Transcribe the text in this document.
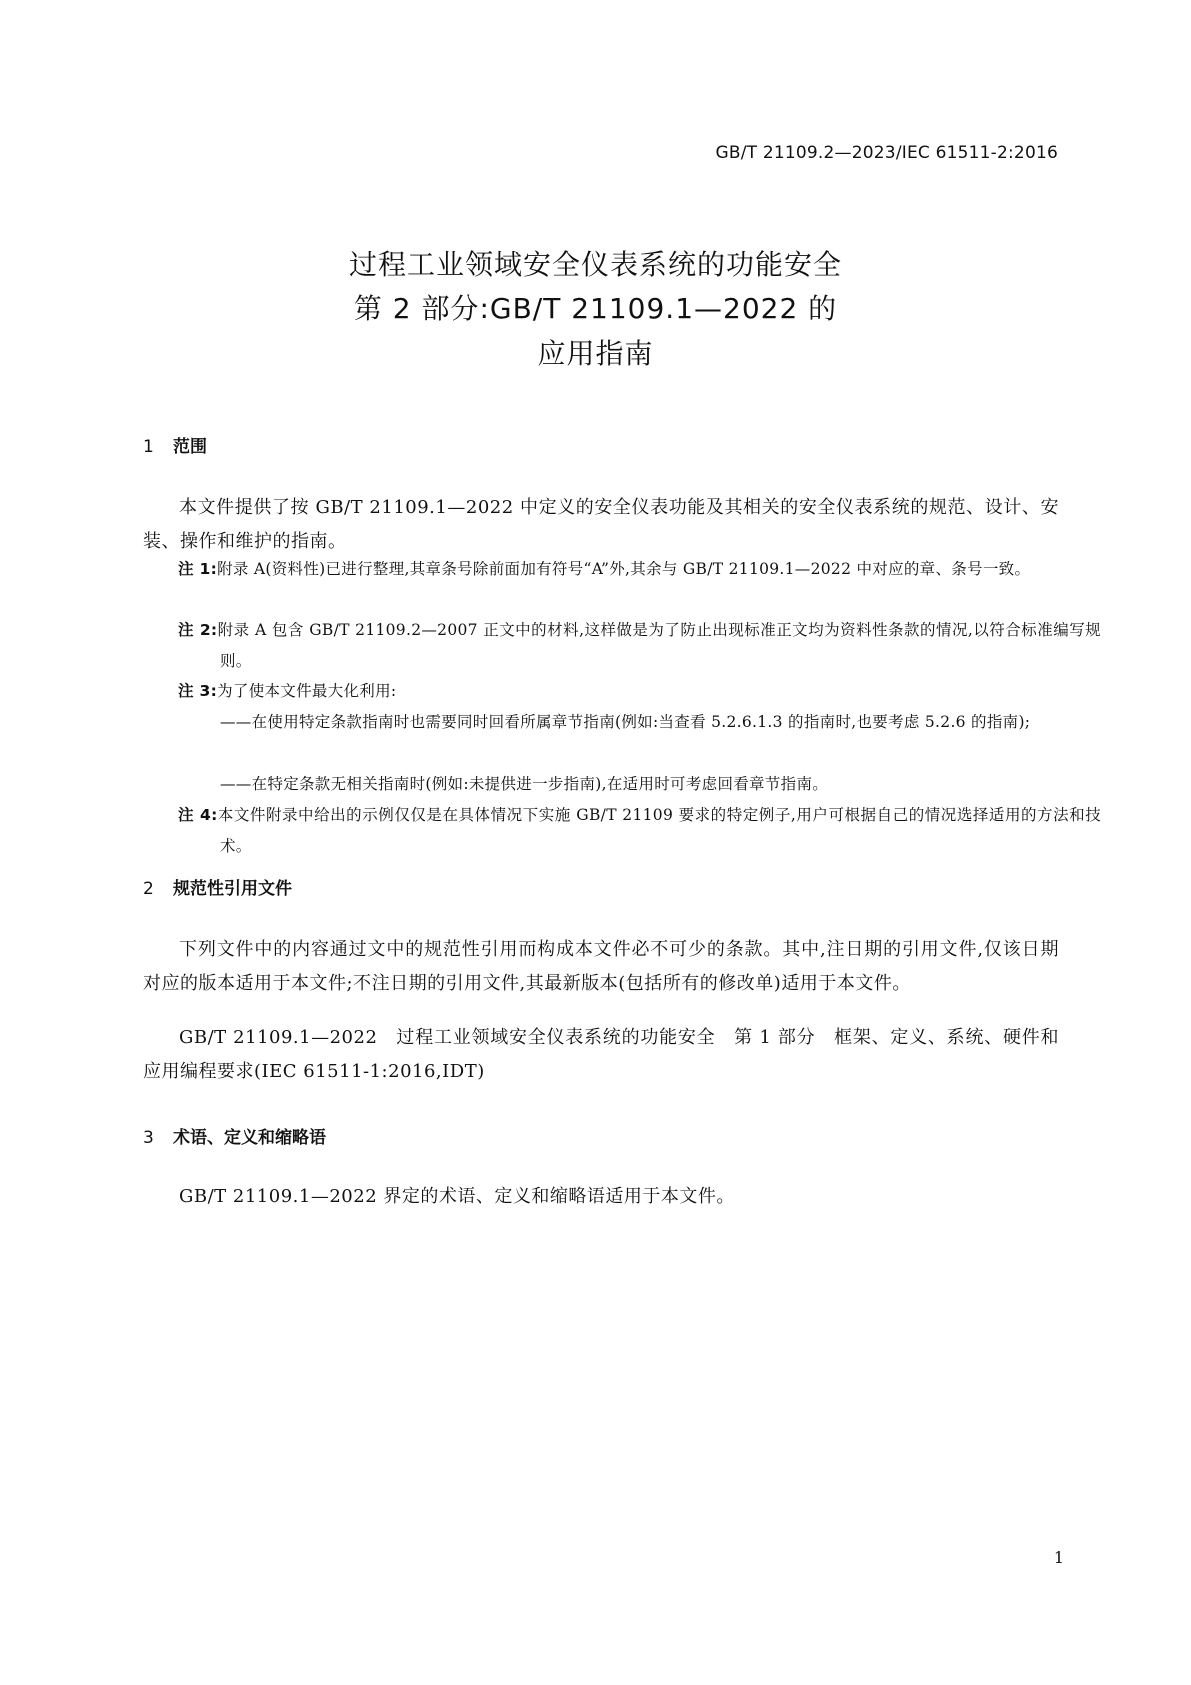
GB/T 21109.2—2023/IEC 61511-2:2016
过程工业领域安全仪表系统的功能安全
第 2 部分:GB/T 21109.1—2022 的
应用指南
1 范围
本文件提供了按 GB/T 21109.1—2022 中定义的安全仪表功能及其相关的安全仪表系统的规范、设计、安装、操作和维护的指南。
注 1:附录 A(资料性)已进行整理,其章条号除前面加有符号“A”外,其余与 GB/T 21109.1—2022 中对应的章、条号一致。
注 2:附录 A 包含 GB/T 21109.2—2007 正文中的材料,这样做是为了防止出现标准正文均为资料性条款的情况,以符合标准编写规则。
注 3:为了使本文件最大化利用:
——在使用特定条款指南时也需要同时回看所属章节指南(例如:当查看 5.2.6.1.3 的指南时,也要考虑 5.2.6 的指南);
——在特定条款无相关指南时(例如:未提供进一步指南),在适用时可考虑回看章节指南。
注 4:本文件附录中给出的示例仅仅是在具体情况下实施 GB/T 21109 要求的特定例子,用户可根据自己的情况选择适用的方法和技术。
2 规范性引用文件
下列文件中的内容通过文中的规范性引用而构成本文件必不可少的条款。其中,注日期的引用文件,仅该日期对应的版本适用于本文件;不注日期的引用文件,其最新版本(包括所有的修改单)适用于本文件。
GB/T 21109.1—2022　过程工业领域安全仪表系统的功能安全　第 1 部分　框架、定义、系统、硬件和应用编程要求(IEC 61511-1:2016,IDT)
3 术语、定义和缩略语
GB/T 21109.1—2022 界定的术语、定义和缩略语适用于本文件。
1
